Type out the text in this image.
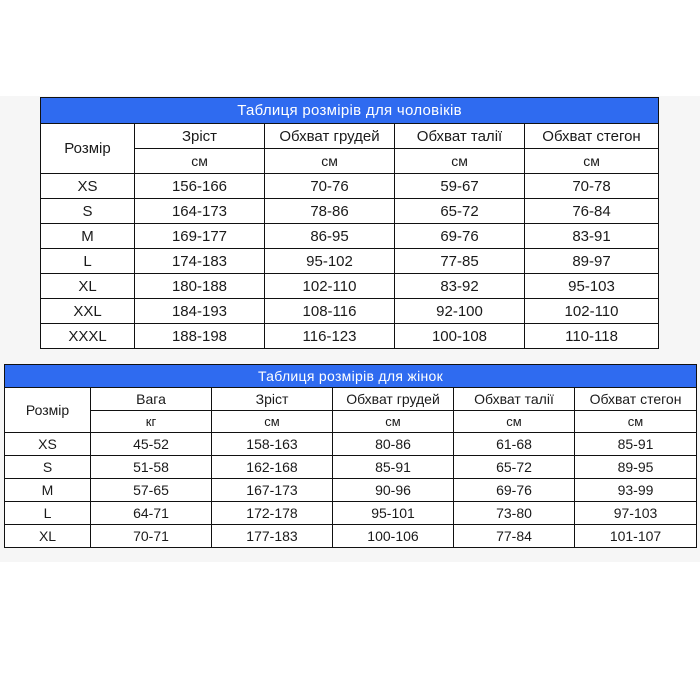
Таблиця розмірів для чоловіків				
Розмір	Зріст	Обхват грудей	Обхват талії	Обхват стегон
	см	см	см	см
XS	156-166	70-76	59-67	70-78
S	164-173	78-86	65-72	76-84
M	169-177	86-95	69-76	83-91
L	174-183	95-102	77-85	89-97
XL	180-188	102-110	83-92	95-103
XXL	184-193	108-116	92-100	102-110
XXXL	188-198	116-123	100-108	110-118
Таблиця розмірів для жінок					
Розмір	Вага	Зріст	Обхват грудей	Обхват талії	Обхват стегон
	кг	см	см	см	см
XS	45-52	158-163	80-86	61-68	85-91
S	51-58	162-168	85-91	65-72	89-95
M	57-65	167-173	90-96	69-76	93-99
L	64-71	172-178	95-101	73-80	97-103
XL	70-71	177-183	100-106	77-84	101-107
